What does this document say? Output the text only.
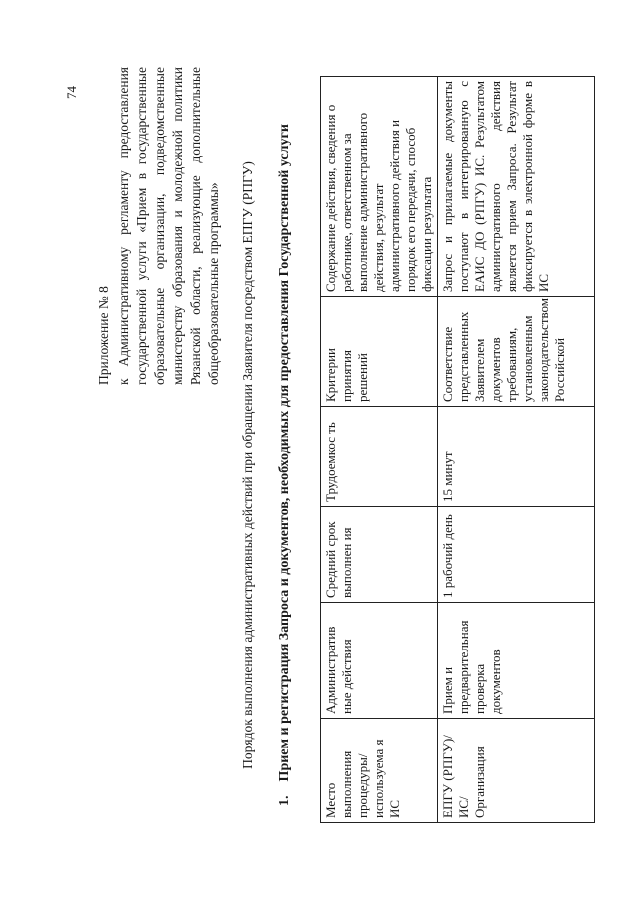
74
Приложение № 8 к Административному регламенту предоставления государственной услуги «Прием в государственные образовательные организации, подведомственные министерству образования и молодежной политики Рязанской области, реализующие дополнительные общеобразовательные программы» Порядок выполнения административных действий при обращении Заявителя посредством ЕПГУ (РПГУ)
1.Прием и регистрация Запроса и документов, необходимых для предоставления Государственной услуги
Место выполнения процедуры/ используема я ИС	Административ ные действия	Средний срок выполнен ия	Трудоемкос ть	Критерии принятия решений	Содержание действия, сведения о работнике, ответственном за выполнение административного действия, результат административного действия и порядок его передачи, способ фиксации результата
ЕПГУ (РПГУ)/ИС/ Организация	Прием и предварительная проверка документов	1 рабочий день	15 минут	Соответствие представленных Заявителем документов требованиям, установленным законодательством Российской	Запрос и прилагаемые документы поступают в интегрированную с ЕАИС ДО (РПГУ) ИС. Результатом административного действия является прием Запроса. Результат фиксируется в электронной форме в ИС
